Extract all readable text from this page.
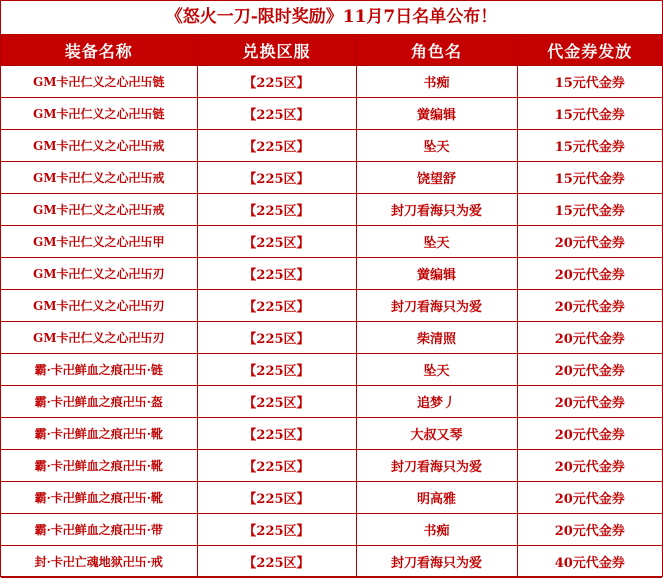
《怒火一刀-限时奖励》11月7日名单公布！
装备名称	兑换区服	角色名	代金券发放
GM卡卍仁义之心卍卐链	【225区】	书痴	15元代金券
GM卡卍仁义之心卍卐链	【225区】	黉编辑	15元代金券
GM卡卍仁义之心卍卐戒	【225区】	坠天	15元代金券
GM卡卍仁义之心卍卐戒	【225区】	饶望舒	15元代金券
GM卡卍仁义之心卍卐戒	【225区】	封刀看海只为爱	15元代金券
GM卡卍仁义之心卍卐甲	【225区】	坠天	20元代金券
GM卡卍仁义之心卍卐刃	【225区】	黉编辑	20元代金券
GM卡卍仁义之心卍卐刃	【225区】	封刀看海只为爱	20元代金券
GM卡卍仁义之心卍卐刃	【225区】	柴清照	20元代金券
霸·卡卍鲜血之痕卍卐·链	【225区】	坠天	20元代金券
霸·卡卍鲜血之痕卍卐·盔	【225区】	追梦丿	20元代金券
霸·卡卍鲜血之痕卍卐·靴	【225区】	大叔又琴	20元代金券
霸·卡卍鲜血之痕卍卐·靴	【225区】	封刀看海只为爱	20元代金券
霸·卡卍鲜血之痕卍卐·靴	【225区】	明高雅	20元代金券
霸·卡卍鲜血之痕卍卐·带	【225区】	书痴	20元代金券
封·卡卍亡魂地狱卍卐·戒	【225区】	封刀看海只为爱	40元代金券
